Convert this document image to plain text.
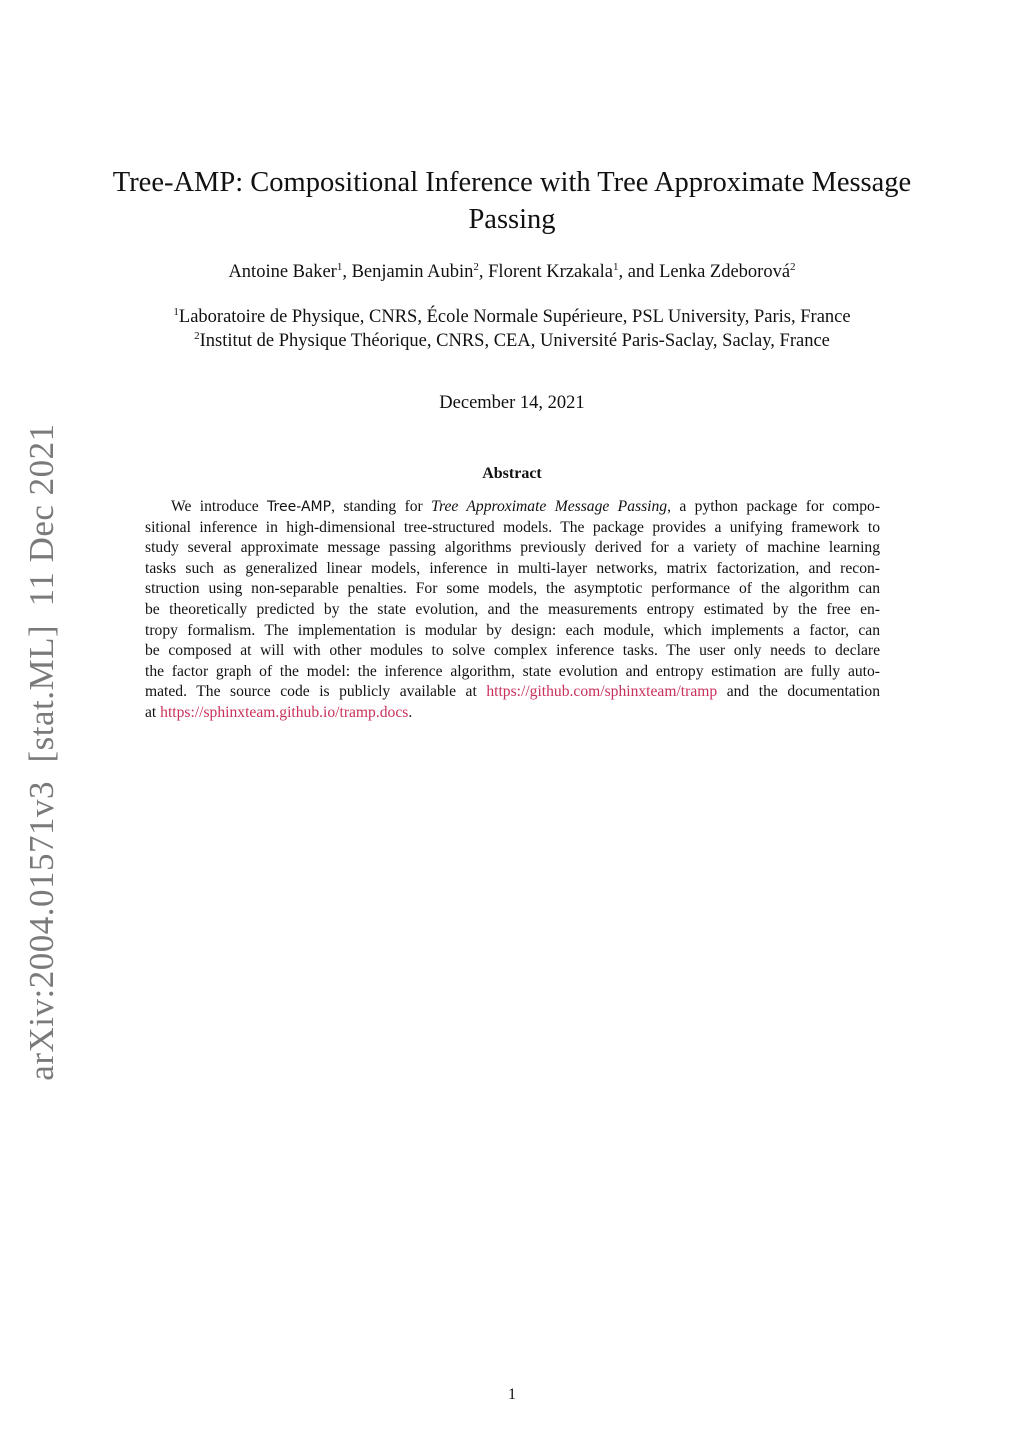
arXiv:2004.01571v3  [stat.ML]  11 Dec 2021
Tree-AMP: Compositional Inference with Tree Approximate Message
Passing
Antoine Baker$^1$, Benjamin Aubin$^2$, Florent Krzakala$^1$, and Lenka Zdeborová$^2$
$^1$Laboratoire de Physique, CNRS, École Normale Supérieure, PSL University, Paris, France
$^2$Institut de Physique Théorique, CNRS, CEA, Université Paris-Saclay, Saclay, France
December 14, 2021
Abstract
We introduce Tree-AMP, standing for Tree Approximate Message Passing, a python package for compo-
sitional inference in high-dimensional tree-structured models. The package provides a unifying framework to
study several approximate message passing algorithms previously derived for a variety of machine learning
tasks such as generalized linear models, inference in multi-layer networks, matrix factorization, and recon-
struction using non-separable penalties. For some models, the asymptotic performance of the algorithm can
be theoretically predicted by the state evolution, and the measurements entropy estimated by the free en-
tropy formalism. The implementation is modular by design: each module, which implements a factor, can
be composed at will with other modules to solve complex inference tasks. The user only needs to declare
the factor graph of the model: the inference algorithm, state evolution and entropy estimation are fully auto-
mated. The source code is publicly available at https://github.com/sphinxteam/tramp and the documentation
at https://sphinxteam.github.io/tramp.docs.
1
